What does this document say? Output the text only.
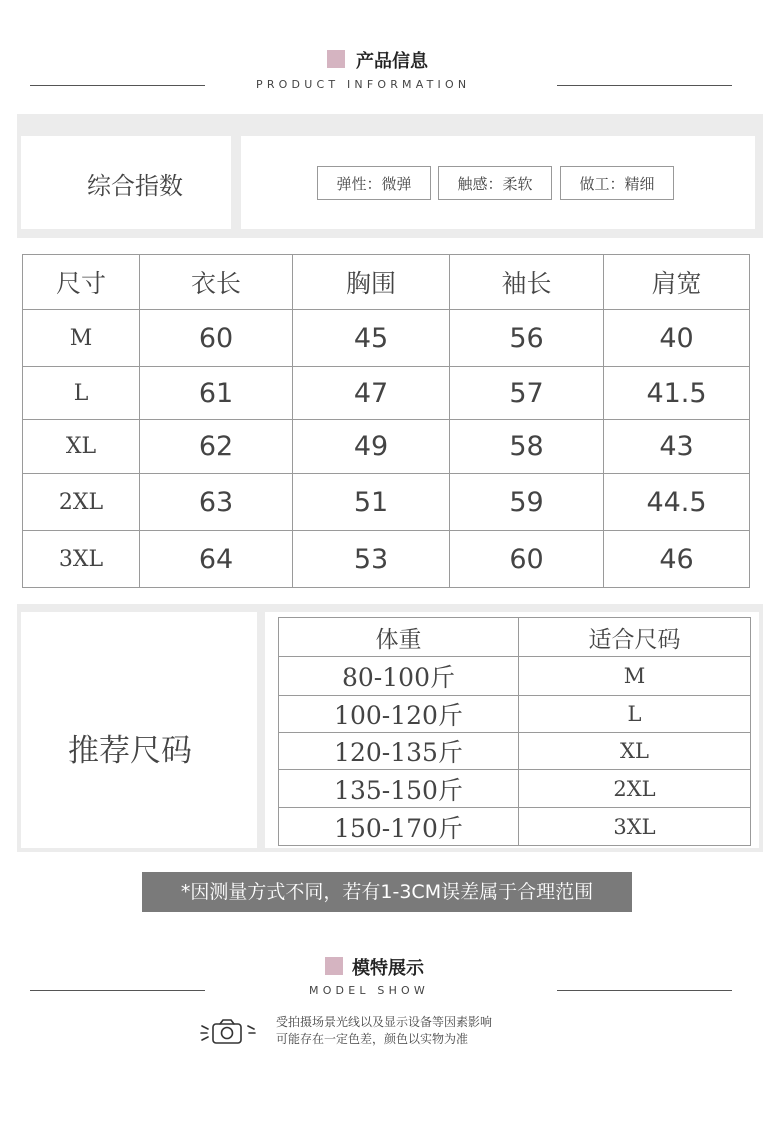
产品信息
PRODUCT INFORMATION
综合指数	弹性：微弹	触感：柔软	做工：精细
尺寸	衣长	胸围	袖长	肩宽
M	60	45	56	40
L	61	47	57	41.5
XL	62	49	58	43
2XL	63	51	59	44.5
3XL	64	53	60	46
推荐尺码
体重	适合尺码
80-100斤	M
100-120斤	L
120-135斤	XL
135-150斤	2XL
150-170斤	3XL
*因测量方式不同，若有1-3CM误差属于合理范围
模特展示
MODEL SHOW
受拍摄场景光线以及显示设备等因素影响
可能存在一定色差，颜色以实物为准
